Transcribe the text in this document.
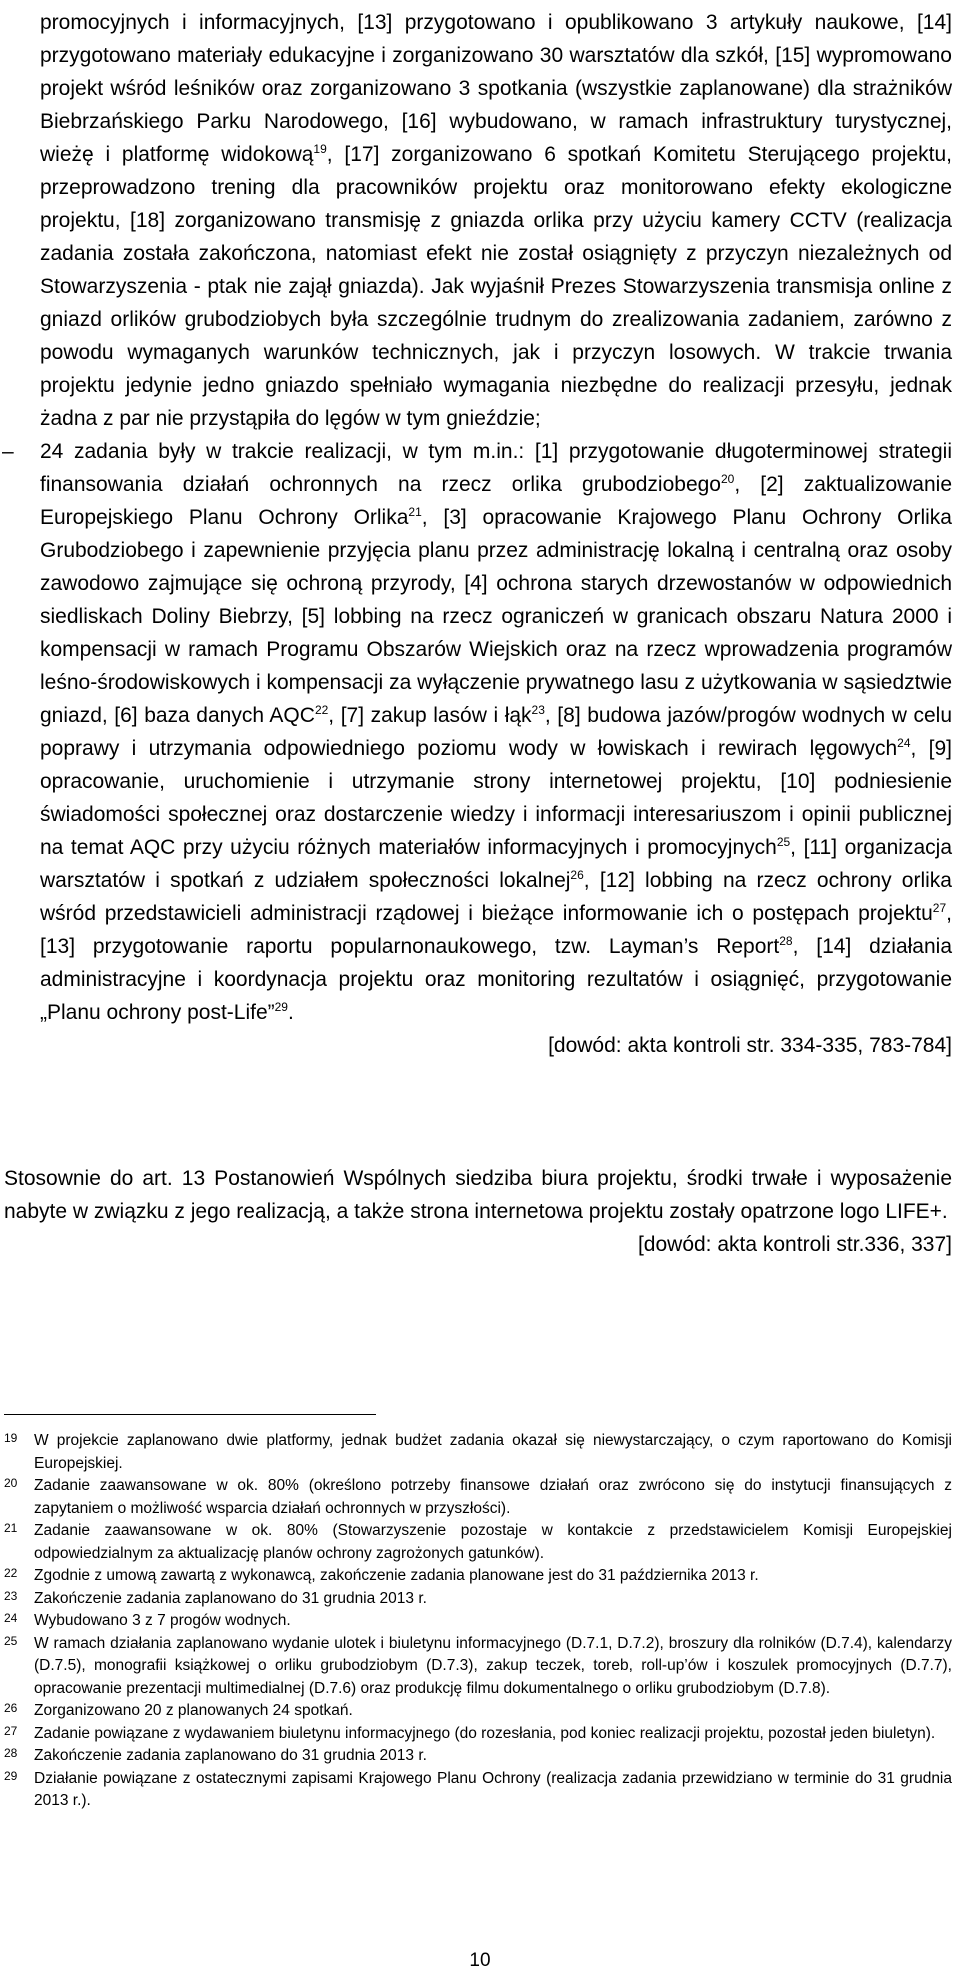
promocyjnych i informacyjnych, [13] przygotowano i opublikowano 3 artykuły naukowe, [14] przygotowano materiały edukacyjne i zorganizowano 30 warsztatów dla szkół, [15] wypromowano projekt wśród leśników oraz zorganizowano 3 spotkania (wszystkie zaplanowane) dla strażników Biebrzańskiego Parku Narodowego, [16] wybudowano, w ramach infrastruktury turystycznej, wieżę i platformę widokową$^{19}$, [17] zorganizowano 6 spotkań Komitetu Sterującego projektu, przeprowadzono trening dla pracowników projektu oraz monitorowano efekty ekologiczne projektu, [18] zorganizowano transmisję z gniazda orlika przy użyciu kamery CCTV (realizacja zadania została zakończona, natomiast efekt nie został osiągnięty z przyczyn niezależnych od Stowarzyszenia - ptak nie zajął gniazda). Jak wyjaśnił Prezes Stowarzyszenia transmisja online z gniazd orlików grubodziobych była szczególnie trudnym do zrealizowania zadaniem, zarówno z powodu wymaganych warunków technicznych, jak i przyczyn losowych. W trakcie trwania projektu jedynie jedno gniazdo spełniało wymagania niezbędne do realizacji przesyłu, jednak żadna z par nie przystąpiła do lęgów w tym gnieździe;

–	24 zadania były w trakcie realizacji, w tym m.in.: [1] przygotowanie długoterminowej strategii finansowania działań ochronnych na rzecz orlika grubodziobego$^{20}$, [2] zaktualizowanie Europejskiego Planu Ochrony Orlika$^{21}$, [3] opracowanie Krajowego Planu Ochrony Orlika Grubodziobego i zapewnienie przyjęcia planu przez administrację lokalną i centralną oraz osoby zawodowo zajmujące się ochroną przyrody, [4] ochrona starych drzewostanów w odpowiednich siedliskach Doliny Biebrzy, [5] lobbing na rzecz ograniczeń w granicach obszaru Natura 2000 i kompensacji w ramach Programu Obszarów Wiejskich oraz na rzecz wprowadzenia programów leśno-środowiskowych i kompensacji za wyłączenie prywatnego lasu z użytkowania w sąsiedztwie gniazd, [6] baza danych AQC$^{22}$, [7] zakup lasów i łąk$^{23}$, [8] budowa jazów/progów wodnych w celu poprawy i utrzymania odpowiedniego poziomu wody w łowiskach i rewirach lęgowych$^{24}$, [9] opracowanie, uruchomienie i utrzymanie strony internetowej projektu, [10] podniesienie świadomości społecznej oraz dostarczenie wiedzy i informacji interesariuszom i opinii publicznej na temat AQC przy użyciu różnych materiałów informacyjnych i promocyjnych$^{25}$, [11] organizacja warsztatów i spotkań z udziałem społeczności lokalnej$^{26}$, [12] lobbing na rzecz ochrony orlika wśród przedstawicieli administracji rządowej i bieżące informowanie ich o postępach projektu$^{27}$, [13] przygotowanie raportu popularnonaukowego, tzw. Layman’s Report$^{28}$, [14] działania administracyjne i koordynacja projektu oraz monitoring rezultatów i osiągnięć, przygotowanie „Planu ochrony post-Life”$^{29}$.

[dowód: akta kontroli str. 334-335, 783-784]

Stosownie do art. 13 Postanowień Wspólnych siedziba biura projektu, środki trwałe i wyposażenie nabyte w związku z jego realizacją, a także strona internetowa projektu zostały opatrzone logo LIFE+.

[dowód: akta kontroli str.336, 337]

19 W projekcie zaplanowano dwie platformy, jednak budżet zadania okazał się niewystarczający, o czym raportowano do Komisji Europejskiej.

20 Zadanie zaawansowane w ok. 80% (określono potrzeby finansowe działań oraz zwrócono się do instytucji finansujących z zapytaniem o możliwość wsparcia działań ochronnych w przyszłości).

21 Zadanie zaawansowane w ok. 80% (Stowarzyszenie pozostaje w kontakcie z przedstawicielem Komisji Europejskiej odpowiedzialnym za aktualizację planów ochrony zagrożonych gatunków).

22 Zgodnie z umową zawartą z wykonawcą, zakończenie zadania planowane jest do 31 października 2013 r.

23 Zakończenie zadania zaplanowano do 31 grudnia 2013 r.

24 Wybudowano 3 z 7 progów wodnych.

25 W ramach działania zaplanowano wydanie ulotek i biuletynu informacyjnego (D.7.1, D.7.2), broszury dla rolników (D.7.4), kalendarzy (D.7.5), monografii książkowej o orliku grubodziobym (D.7.3), zakup teczek, toreb, roll-up’ów i koszulek promocyjnych (D.7.7), opracowanie prezentacji multimedialnej (D.7.6) oraz produkcję filmu dokumentalnego o orliku grubodziobym (D.7.8).

26 Zorganizowano 20 z planowanych 24 spotkań.

27 Zadanie powiązane z wydawaniem biuletynu informacyjnego (do rozesłania, pod koniec realizacji projektu, pozostał jeden biuletyn).

28 Zakończenie zadania zaplanowano do 31 grudnia 2013 r.

29 Działanie powiązane z ostatecznymi zapisami Krajowego Planu Ochrony (realizacja zadania przewidziano w terminie do 31 grudnia 2013 r.).

10
